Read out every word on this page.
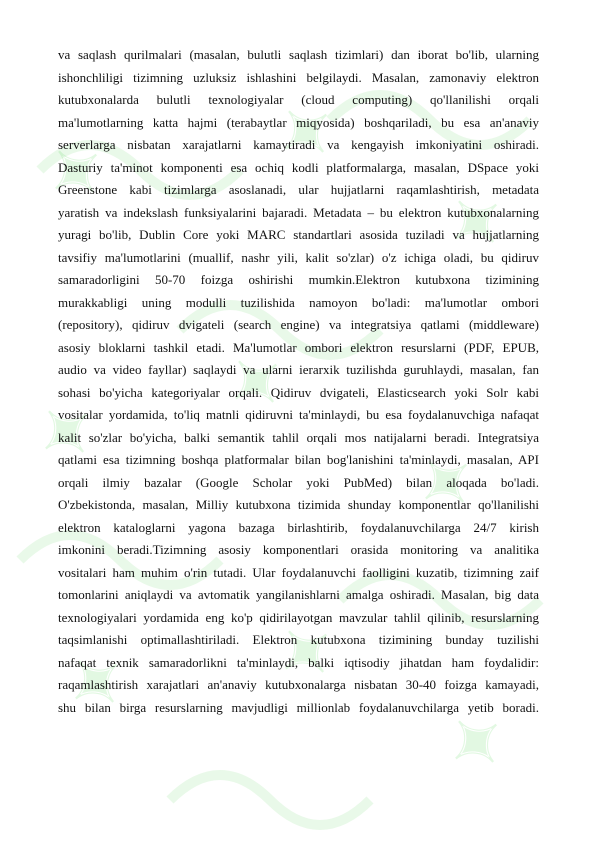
✦ ✦
✦
✦
✦
✦
✦ ✦
✦
va saqlash qurilmalari (masalan, bulutli saqlash tizimlari) dan iborat bo'lib, ularning
ishonchliligi tizimning uzluksiz ishlashini belgilaydi. Masalan, zamonaviy elektron
kutubxonalarda bulutli texnologiyalar (cloud computing) qo'llanilishi orqali
ma'lumotlarning katta hajmi (terabaytlar miqyosida) boshqariladi, bu esa an'anaviy
serverlarga nisbatan xarajatlarni kamaytiradi va kengayish imkoniyatini oshiradi.
Dasturiy ta'minot komponenti esa ochiq kodli platformalarga, masalan, DSpace yoki
Greenstone kabi tizimlarga asoslanadi, ular hujjatlarni raqamlashtirish, metadata
yaratish va indekslash funksiyalarini bajaradi. Metadata – bu elektron kutubxonalarning
yuragi bo'lib, Dublin Core yoki MARC standartlari asosida tuziladi va hujjatlarning
tavsifiy ma'lumotlarini (muallif, nashr yili, kalit so'zlar) o'z ichiga oladi, bu qidiruv
samaradorligini 50-70 foizga oshirishi mumkin.Elektron kutubxona tizimining
murakkabligi uning modulli tuzilishida namoyon bo'ladi: ma'lumotlar ombori
(repository), qidiruv dvigateli (search engine) va integratsiya qatlami (middleware)
asosiy bloklarni tashkil etadi. Ma'lumotlar ombori elektron resurslarni (PDF, EPUB,
audio va video fayllar) saqlaydi va ularni ierarxik tuzilishda guruhlaydi, masalan, fan
sohasi bo'yicha kategoriyalar orqali. Qidiruv dvigateli, Elasticsearch yoki Solr kabi
vositalar yordamida, to'liq matnli qidiruvni ta'minlaydi, bu esa foydalanuvchiga nafaqat
kalit so'zlar bo'yicha, balki semantik tahlil orqali mos natijalarni beradi. Integratsiya
qatlami esa tizimning boshqa platformalar bilan bog'lanishini ta'minlaydi, masalan, API
orqali ilmiy bazalar (Google Scholar yoki PubMed) bilan aloqada bo'ladi.
O'zbekistonda, masalan, Milliy kutubxona tizimida shunday komponentlar qo'llanilishi
elektron kataloglarni yagona bazaga birlashtirib, foydalanuvchilarga 24/7 kirish
imkonini beradi.Tizimning asosiy komponentlari orasida monitoring va analitika
vositalari ham muhim o'rin tutadi. Ular foydalanuvchi faolligini kuzatib, tizimning zaif
tomonlarini aniqlaydi va avtomatik yangilanishlarni amalga oshiradi. Masalan, big data
texnologiyalari yordamida eng ko'p qidirilayotgan mavzular tahlil qilinib, resurslarning
taqsimlanishi optimallashtiriladi. Elektron kutubxona tizimining bunday tuzilishi
nafaqat texnik samaradorlikni ta'minlaydi, balki iqtisodiy jihatdan ham foydalidir:
raqamlashtirish xarajatlari an'anaviy kutubxonalarga nisbatan 30-40 foizga kamayadi,
shu bilan birga resurslarning mavjudligi millionlab foydalanuvchilarga yetib boradi.
